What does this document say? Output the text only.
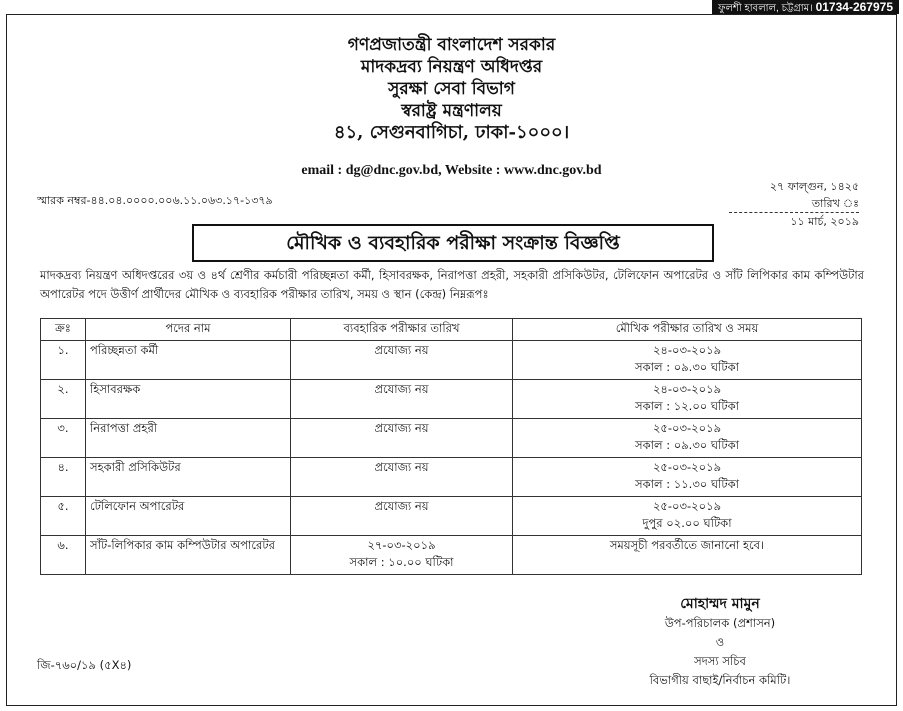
ফুলশী হাবলাল, চট্টগ্রাম। 01734-267975
গণপ্রজাতন্ত্রী বাংলাদেশ সরকার
মাদকদ্রব্য নিয়ন্ত্রণ অধিদপ্তর
সুরক্ষা সেবা বিভাগ
স্বরাষ্ট্র মন্ত্রণালয়
৪১, সেগুনবাগিচা, ঢাকা-১০০০।
email : dg@dnc.gov.bd, Website : www.dnc.gov.bd
স্মারক নম্বর-৪৪.০৪.০০০০.০০৬.১১.০৬৩.১৭-১৩৭৯
২৭ ফাল্গুন, ১৪২৫
তারিখ ঃ
১১ মার্চ, ২০১৯
মৌখিক ও ব্যবহারিক পরীক্ষা সংক্রান্ত বিজ্ঞপ্তি
মাদকদ্রব্য নিয়ন্ত্রণ অধিদপ্তরের ৩য় ও ৪র্থ শ্রেণীর কর্মচারী পরিচ্ছন্নতা কর্মী, হিসাবরক্ষক, নিরাপত্তা প্রহরী, সহকারী প্রসিকিউটর, টেলিফোন অপারেটর ও সাঁট লিপিকার কাম কম্পিউটার অপারেটর পদে উত্তীর্ণ প্রার্থীদের মৌখিক ও ব্যবহারিক পরীক্ষার তারিখ, সময় ও স্থান (কেন্দ্র) নিম্নরূপঃ
ক্রঃ	পদের নাম	ব্যবহারিক পরীক্ষার তারিখ	মৌখিক পরীক্ষার তারিখ ও সময়
১.	পরিচ্ছন্নতা কর্মী	প্রযোজ্য নয়	২৪-০৩-২০১৯
সকাল : ০৯.৩০ ঘটিকা
২.	হিসাবরক্ষক	প্রযোজ্য নয়	২৪-০৩-২০১৯
সকাল : ১২.০০ ঘটিকা
৩.	নিরাপত্তা প্রহরী	প্রযোজ্য নয়	২৫-০৩-২০১৯
সকাল : ০৯.৩০ ঘটিকা
৪.	সহকারী প্রসিকিউটর	প্রযোজ্য নয়	২৫-০৩-২০১৯
সকাল : ১১.৩০ ঘটিকা
৫.	টেলিফোন অপারেটর	প্রযোজ্য নয়	২৫-০৩-২০১৯
দুপুর ০২.০০ ঘটিকা
৬.	সাঁট-লিপিকার কাম কম্পিউটার অপারেটর	২৭-০৩-২০১৯
সকাল : ১০.০০ ঘটিকা	সময়সূচী পরবর্তীতে জানানো হবে।
মোহাম্মদ মামুন
উপ-পরিচালক (প্রশাসন)
ও
সদস্য সচিব
বিভাগীয় বাছাই/নির্বাচন কমিটি।
জি-৭৬০/১৯ (৫X৪)
